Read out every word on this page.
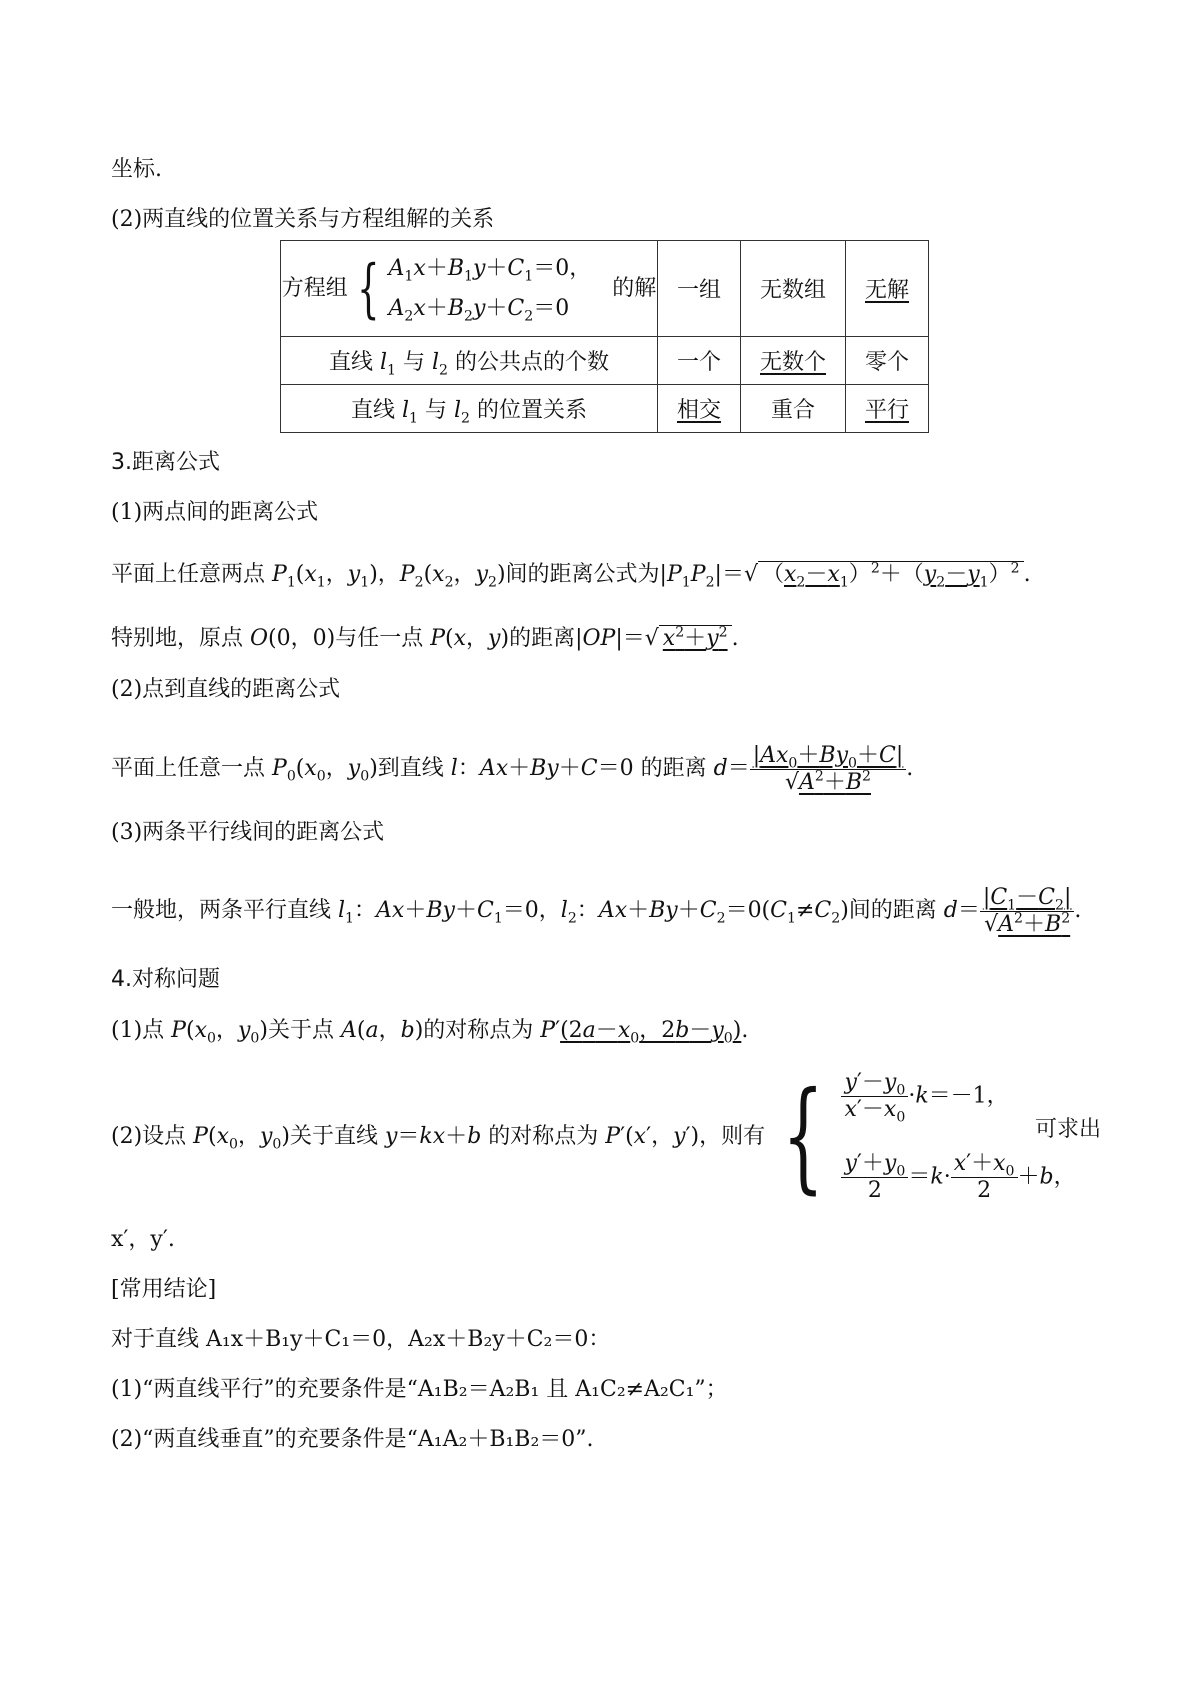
坐标.
(2)两直线的位置关系与方程组解的关系
方程组 { $A_1x+B_1y+C_1=0$，
$A_2x+B_2y+C_2=0$   的解	一组	无数组	无解
直线 $l_1$ 与 $l_2$ 的公共点的个数	一个	无数个	零个
直线 $l_1$ 与 $l_2$ 的位置关系	相交	重合	平行
3.距离公式
(1)两点间的距离公式
平面上任意两点 $P_1(x_1$，$y_1$)，$P_2(x_2$，$y_2$)间的距离公式为$|P_1P_2|=√$ $(x_2-x_1)^2+(y_2-y_1)^2$ .
特别地，原点 O(0，0)与任一点 P(x，y)的距离|OP|＝√ $x^2+y^2$ .
(2)点到直线的距离公式
平面上任意一点 $P_0(x_0$，$y_0$)到直线 l：Ax＋By＋C＝0 的距离 $d= \frac{|Ax_0+By_0+C|}{√A^2+B^2}$ .
(3)两条平行线间的距离公式
一般地，两条平行直线 $l_1$：$Ax+By+C_1=0$，$l_2$：$Ax+By+C_2=0(C_1\ne C_2)$间的距离 $d= \frac{|C_1-C_2|}{√A^2+B^2}$ .
4.对称问题
(1)点 $P(x_0$，$y_0$)关于点 A(a，b)的对称点为 $P'(2a-x_0$，$2b-y_0$).
(2)设点 $P(x_0$，$y_0$)关于直线 y＝kx＋b 的对称点为 P′(x′，y′)，则有 { $\frac{y'-y_0}{x'-x_0} \cdot k=-1$，

$\frac{y'+y_0}{2} =k\cdot \frac{x'+x_0}{2} +b$，
可求出
x′，y′.
[常用结论]
对于直线 A₁x＋B₁y＋C₁＝0，A₂x＋B₂y＋C₂＝0：
(1)“两直线平行”的充要条件是“A₁B₂＝A₂B₁ 且 A₁C₂≠A₂C₁”；
(2)“两直线垂直”的充要条件是“A₁A₂＋B₁B₂＝0”.
